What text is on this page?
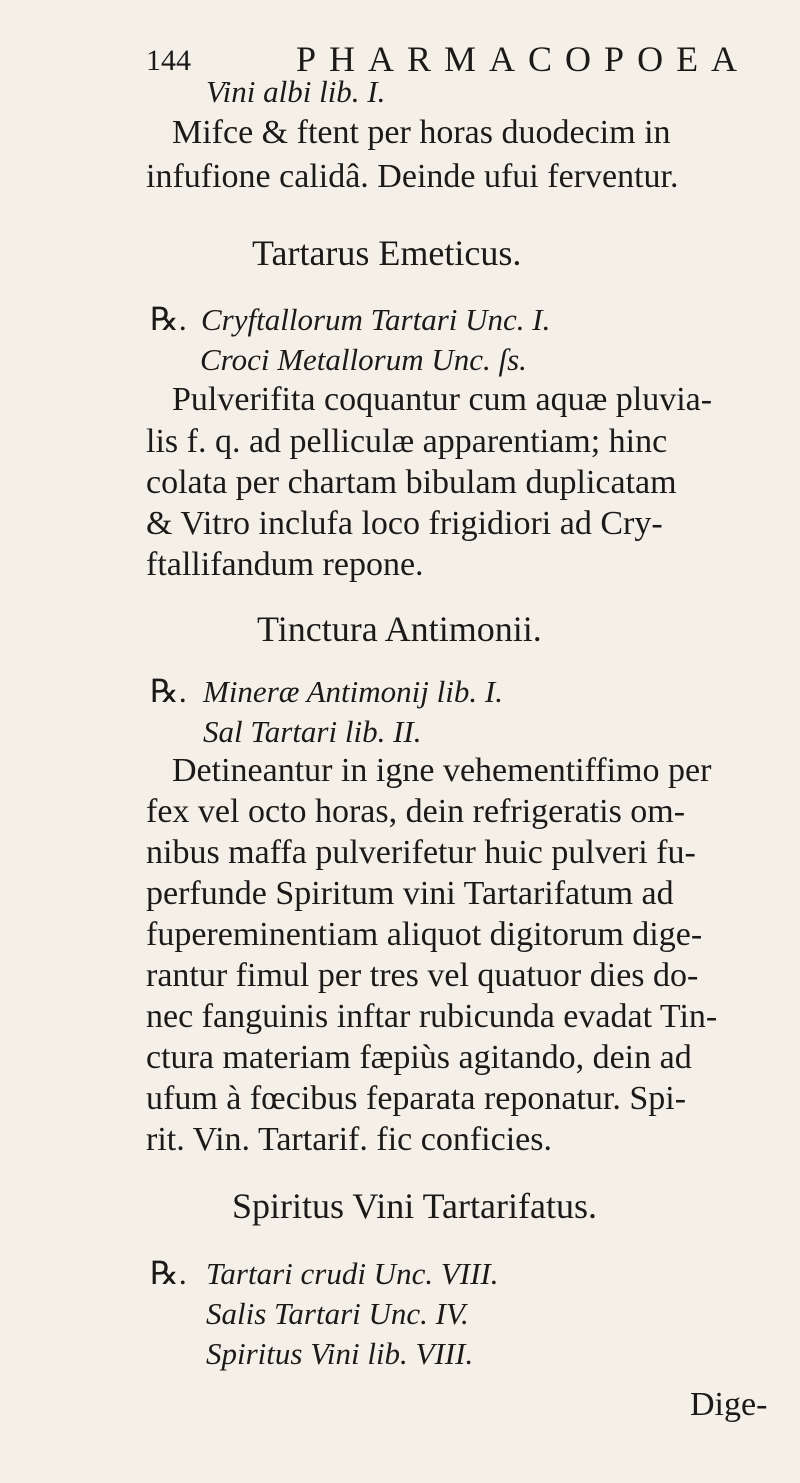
144	PHARMACOPOEA
Vini albi lib. I.
Mifce & ftent per horas duodecim in
infufione calidâ. Deinde ufui ferventur.
Tartarus Emeticus.
℞. Cryftallorum Tartari Unc. I.
Croci Metallorum Unc. ſs.
Pulverifita coquantur cum aquæ pluvia-
lis f. q. ad pelliculæ apparentiam; hinc
colata per chartam bibulam duplicatam
& Vitro inclufa loco frigidiori ad Cry-
ftallifandum repone.
Tinctura Antimonii.
℞. Mineræ Antimonij lib. I.
Sal Tartari lib. II.
Detineantur in igne vehementiffimo per
fex vel octo horas, dein refrigeratis om-
nibus maffa pulverifetur huic pulveri fu-
perfunde Spiritum vini Tartarifatum ad
fupereminentiam aliquot digitorum dige-
rantur fimul per tres vel quatuor dies do-
nec fanguinis inftar rubicunda evadat Tin-
ctura materiam fæpiùs agitando, dein ad
ufum à fœcibus feparata reponatur. Spi-
rit. Vin. Tartarif. fic conficies.
Spiritus Vini Tartarifatus.
℞. Tartari crudi Unc. VIII.
Salis Tartari Unc. IV.
Spiritus Vini lib. VIII.
Dige-
